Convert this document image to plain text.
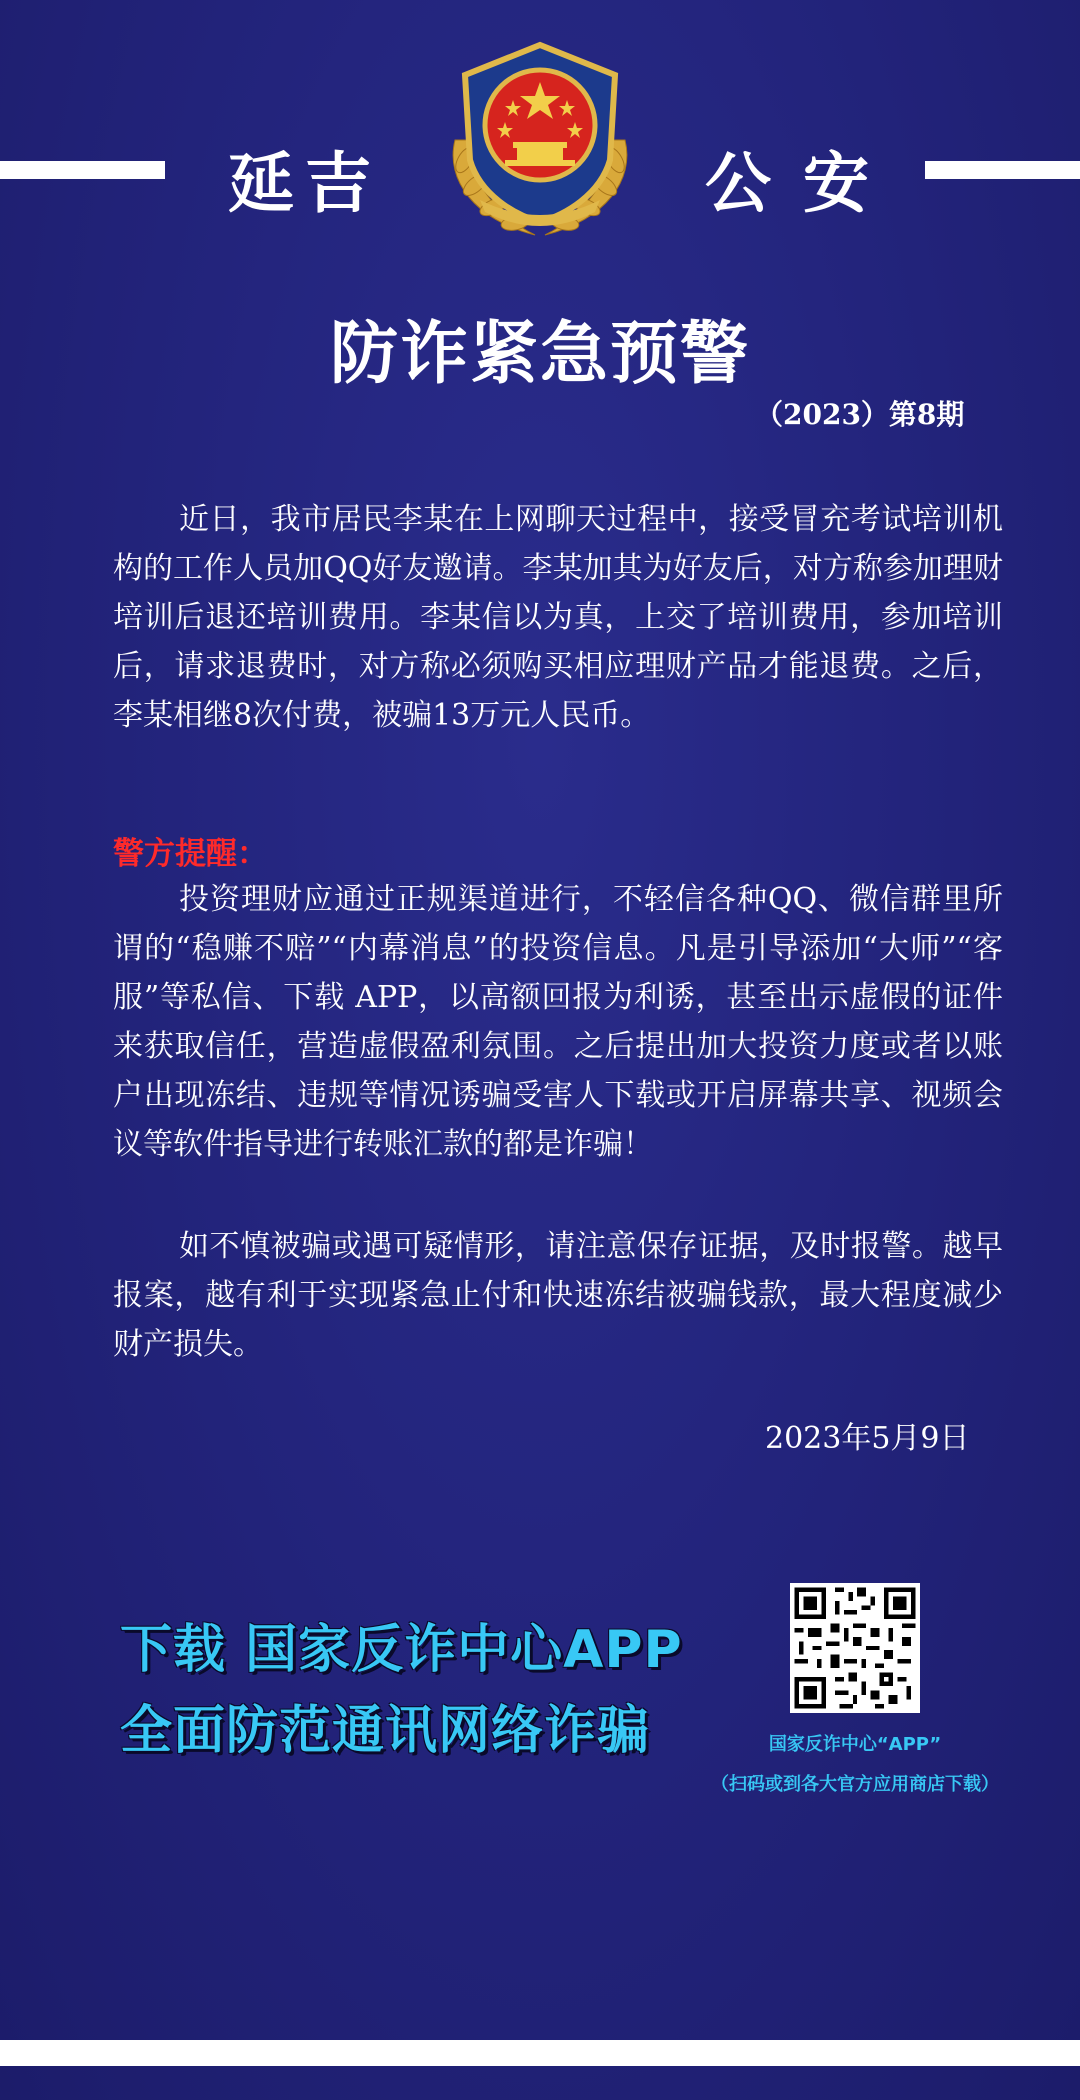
延 吉	公 安
防诈紧急预警
（2023）第8期

近日，我市居民李某在上网聊天过程中，接受冒充考试培训机构的工作人员加QQ好友邀请。李某加其为好友后，对方称参加理财培训后退还培训费用。李某信以为真，上交了培训费用，参加培训后，请求退费时，对方称必须购买相应理财产品才能退费。之后，李某相继8次付费，被骗13万元人民币。

警方提醒：

投资理财应通过正规渠道进行，不轻信各种QQ、微信群里所谓的“稳赚不赔”“内幕消息”的投资信息。凡是引导添加“大师”“客服”等私信、下载 APP，以高额回报为利诱，甚至出示虚假的证件来获取信任，营造虚假盈利氛围。之后提出加大投资力度或者以账户出现冻结、违规等情况诱骗受害人下载或开启屏幕共享、视频会议等软件指导进行转账汇款的都是诈骗！

如不慎被骗或遇可疑情形，请注意保存证据，及时报警。越早报案，越有利于实现紧急止付和快速冻结被骗钱款，最大程度减少财产损失。

2023年5月9日
下载 国家反诈中心APP
全面防范通讯网络诈骗	国家反诈中心“APP”
（扫码或到各大官方应用商店下载）
